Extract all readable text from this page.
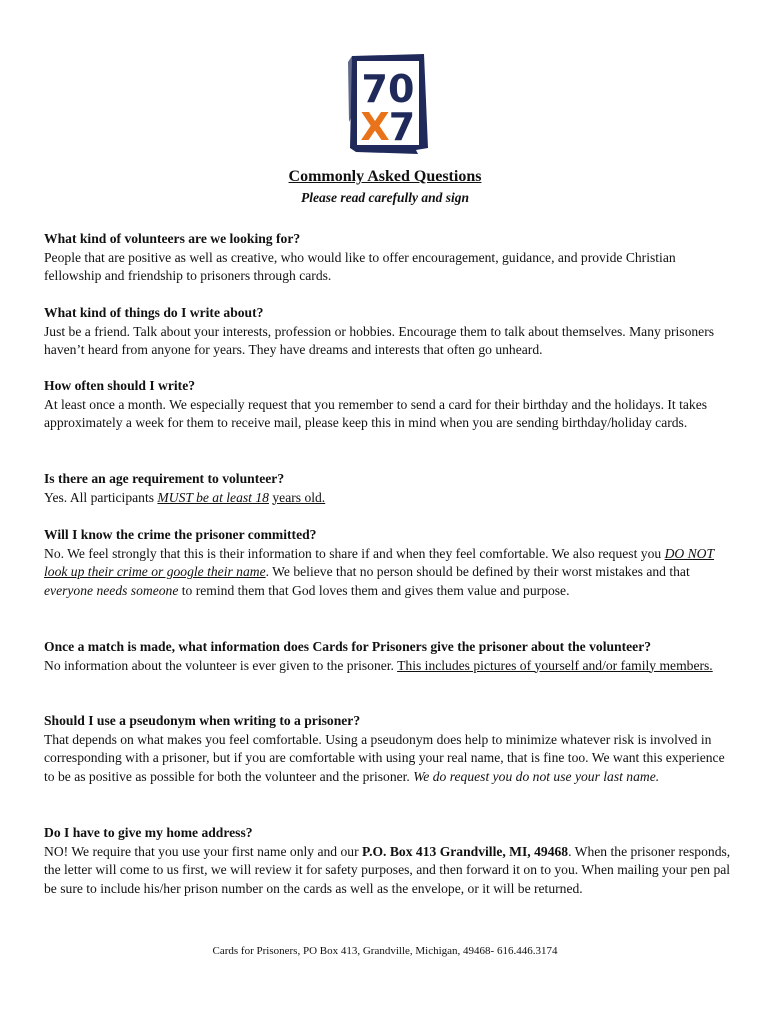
70
X 7
Commonly Asked Questions
Please read carefully and sign

What kind of volunteers are we looking for?

People that are positive as well as creative, who would like to offer encouragement, guidance, and provide Christian fellowship and friendship to prisoners through cards.

What kind of things do I write about?

Just be a friend. Talk about your interests, profession or hobbies. Encourage them to talk about themselves. Many prisoners haven’t heard from anyone for years. They have dreams and interests that often go unheard.

How often should I write?

At least once a month. We especially request that you remember to send a card for their birthday and the holidays. It takes approximately a week for them to receive mail, please keep this in mind when you are sending birthday/holiday cards.

Is there an age requirement to volunteer?

Yes. All participants MUST be at least 18 years old.

Will I know the crime the prisoner committed?

No. We feel strongly that this is their information to share if and when they feel comfortable. We also request you DO NOT look up their crime or google their name. We believe that no person should be defined by their worst mistakes and that everyone needs someone to remind them that God loves them and gives them value and purpose.

Once a match is made, what information does Cards for Prisoners give the prisoner about the volunteer?

No information about the volunteer is ever given to the prisoner. This includes pictures of yourself and/or family members.

Should I use a pseudonym when writing to a prisoner?

That depends on what makes you feel comfortable. Using a pseudonym does help to minimize whatever risk is involved in corresponding with a prisoner, but if you are comfortable with using your real name, that is fine too. We want this experience to be as positive as possible for both the volunteer and the prisoner. We do request you do not use your last name.

Do I have to give my home address?

NO! We require that you use your first name only and our P.O. Box 413 Grandville, MI, 49468. When the prisoner responds, the letter will come to us first, we will review it for safety purposes, and then forward it on to you. When mailing your pen pal be sure to include his/her prison number on the cards as well as the envelope, or it will be returned.

Cards for Prisoners, PO Box 413, Grandville, Michigan, 49468- 616.446.3174
